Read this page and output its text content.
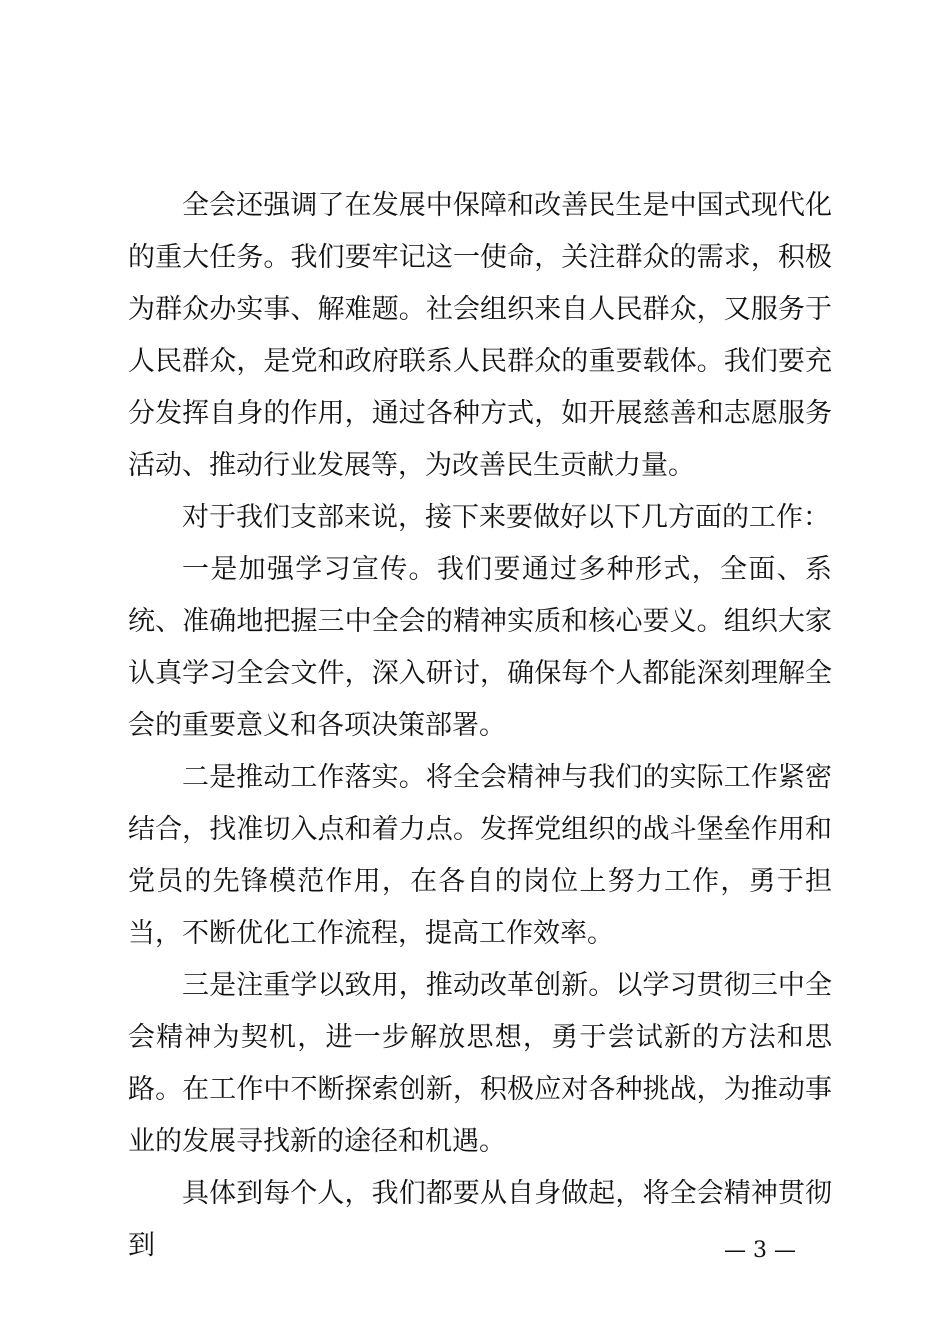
全会还强调了在发展中保障和改善民生是中国式现代化的重大任务。我们要牢记这一使命，关注群众的需求，积极为群众办实事、解难题。社会组织来自人民群众，又服务于人民群众，是党和政府联系人民群众的重要载体。我们要充分发挥自身的作用，通过各种方式，如开展慈善和志愿服务活动、推动行业发展等，为改善民生贡献力量。

对于我们支部来说，接下来要做好以下几方面的工作：

一是加强学习宣传。我们要通过多种形式，全面、系统、准确地把握三中全会的精神实质和核心要义。组织大家认真学习全会文件，深入研讨，确保每个人都能深刻理解全会的重要意义和各项决策部署。

二是推动工作落实。将全会精神与我们的实际工作紧密结合，找准切入点和着力点。发挥党组织的战斗堡垒作用和党员的先锋模范作用，在各自的岗位上努力工作，勇于担当，不断优化工作流程，提高工作效率。

三是注重学以致用，推动改革创新。以学习贯彻三中全会精神为契机，进一步解放思想，勇于尝试新的方法和思路。在工作中不断探索创新，积极应对各种挑战，为推动事业的发展寻找新的途径和机遇。

具体到每个人，我们都要从自身做起，将全会精神贯彻到	— 3 —
